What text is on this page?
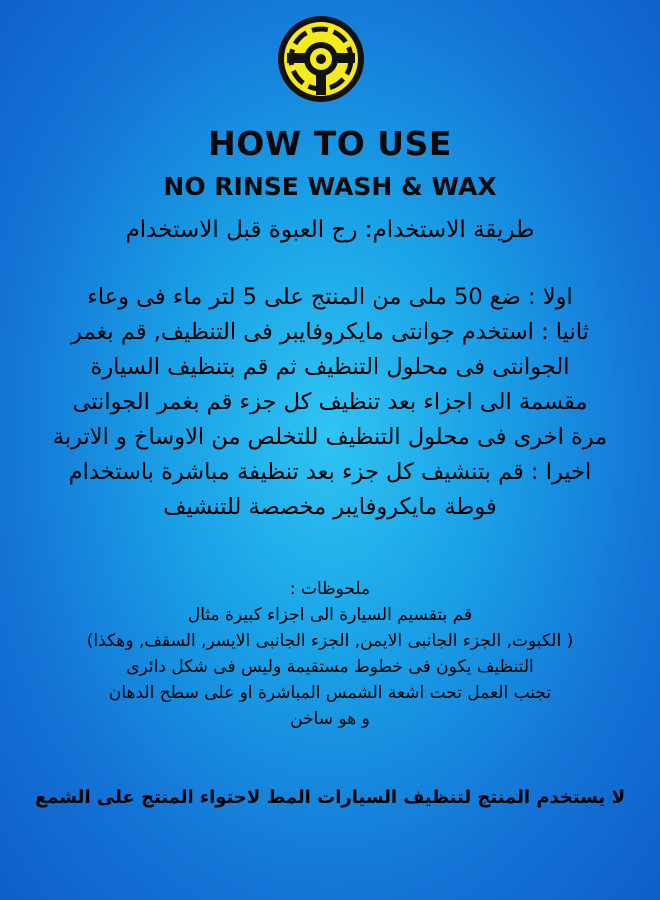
HOW TO USE
NO RINSE WASH & WAX
طريقة الاستخدام: رج العبوة قبل الاستخدام
اولا : ضع 50 ملى من المنتج على 5 لتر ماء فى وعاء
ثانيا : استخدم جوانتى مايكروفايبر فى التنظيف, قم بغمر
الجوانتى فى محلول التنظيف ثم قم بتنظيف السيارة
مقسمة الى اجزاء بعد تنظيف كل جزء قم بغمر الجوانتى
مرة اخرى فى محلول التنظيف للتخلص من الاوساخ و الاتربة
اخيرا : قم بتنشيف كل جزء بعد تنظيفة مباشرة باستخدام
فوطة مايكروفايبر مخصصة للتنشيف
ملحوظات :
قم بتقسيم السيارة الى اجزاء كبيرة مثال
( الكبوت, الجزء الجانبى الايمن, الجزء الجانبى الايسر, السقف, وهكذا)
التنظيف يكون فى خطوط مستقيمة وليس فى شكل دائرى
تجنب العمل تحت اشعة الشمس المباشرة او على سطح الدهان
و هو ساخن
لا يستخدم المنتج لتنظيف السيارات المط لاحتواء المنتج على الشمع
